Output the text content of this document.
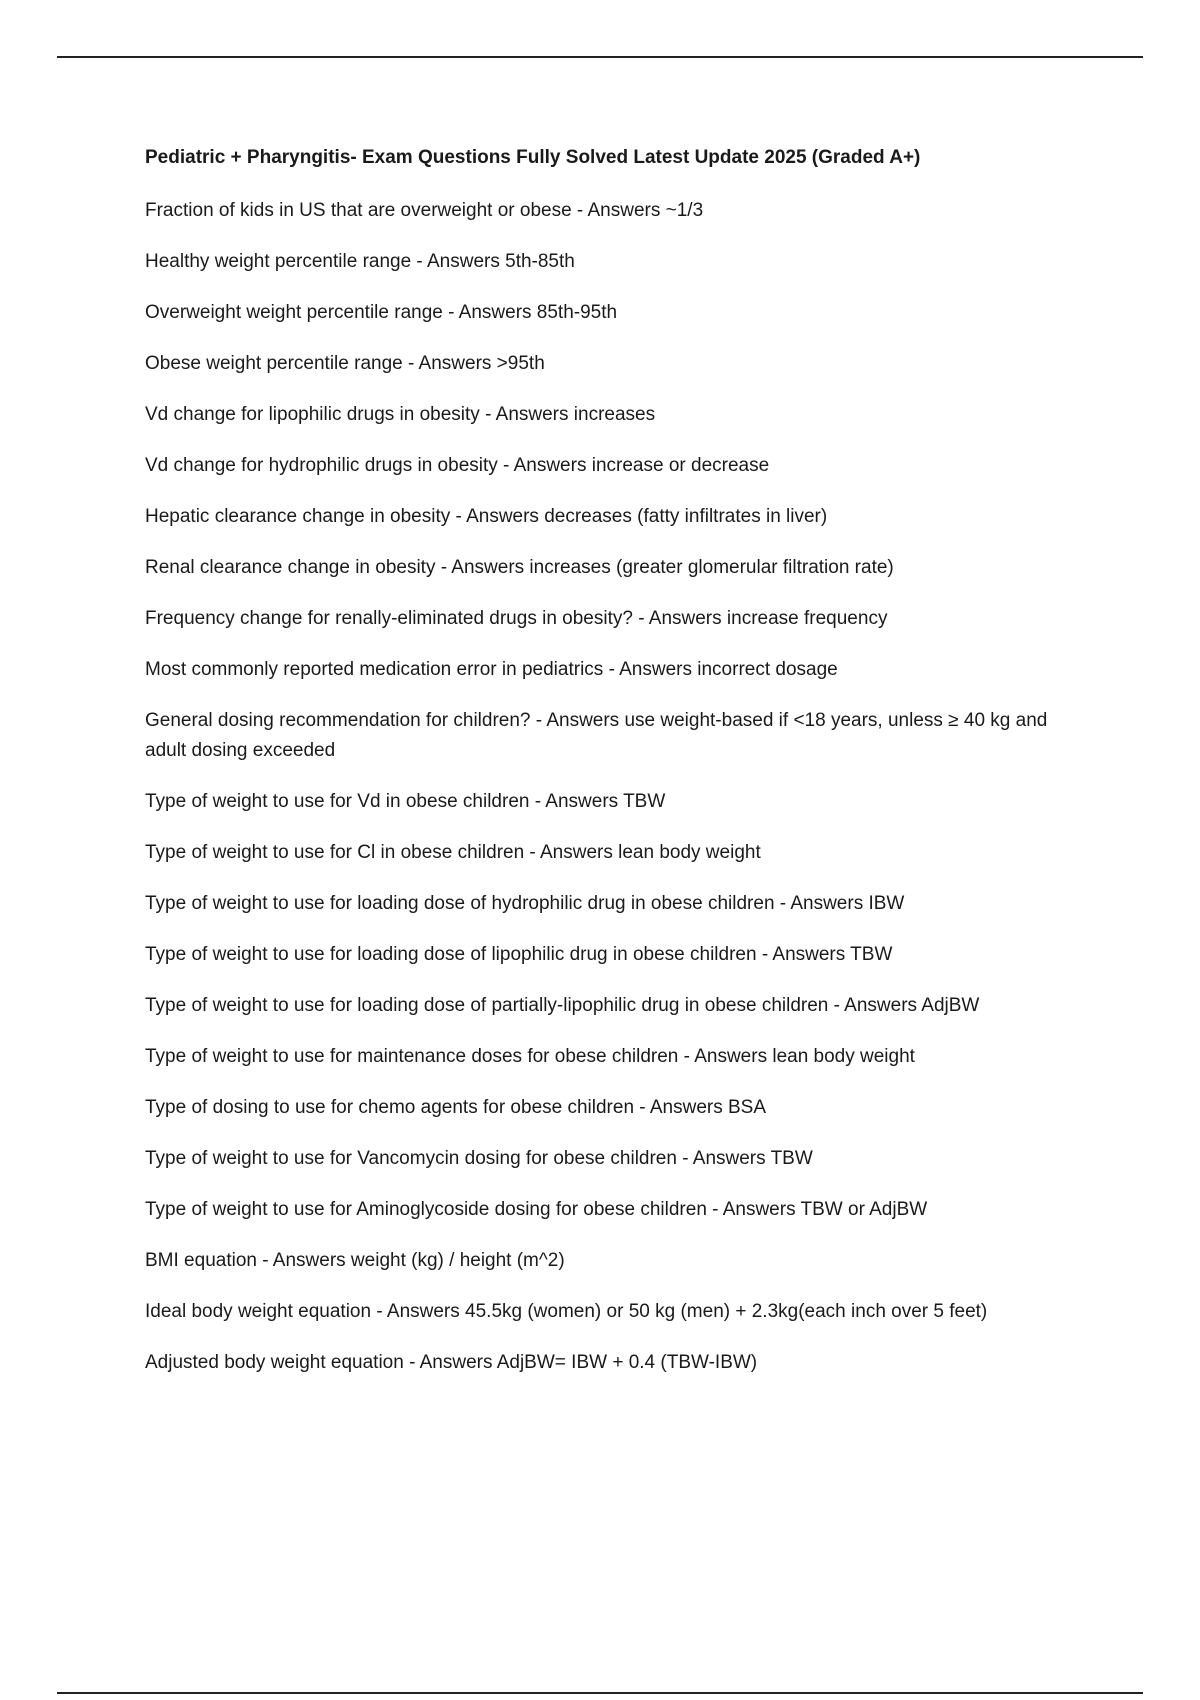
Pediatric + Pharyngitis- Exam Questions Fully Solved Latest Update 2025 (Graded A+)
Fraction of kids in US that are overweight or obese - Answers ~1/3
Healthy weight percentile range - Answers 5th-85th
Overweight weight percentile range - Answers 85th-95th
Obese weight percentile range - Answers >95th
Vd change for lipophilic drugs in obesity - Answers increases
Vd change for hydrophilic drugs in obesity - Answers increase or decrease
Hepatic clearance change in obesity - Answers decreases (fatty infiltrates in liver)
Renal clearance change in obesity - Answers increases (greater glomerular filtration rate)
Frequency change for renally-eliminated drugs in obesity? - Answers increase frequency
Most commonly reported medication error in pediatrics - Answers incorrect dosage
General dosing recommendation for children? - Answers use weight-based if <18 years, unless ≥ 40 kg and adult dosing exceeded
Type of weight to use for Vd in obese children - Answers TBW
Type of weight to use for Cl in obese children - Answers lean body weight
Type of weight to use for loading dose of hydrophilic drug in obese children - Answers IBW
Type of weight to use for loading dose of lipophilic drug in obese children - Answers TBW
Type of weight to use for loading dose of partially-lipophilic drug in obese children - Answers AdjBW
Type of weight to use for maintenance doses for obese children - Answers lean body weight
Type of dosing to use for chemo agents for obese children - Answers BSA
Type of weight to use for Vancomycin dosing for obese children - Answers TBW
Type of weight to use for Aminoglycoside dosing for obese children - Answers TBW or AdjBW
BMI equation - Answers weight (kg) / height (m^2)
Ideal body weight equation - Answers 45.5kg (women) or 50 kg (men) + 2.3kg(each inch over 5 feet)
Adjusted body weight equation - Answers AdjBW= IBW + 0.4 (TBW-IBW)
